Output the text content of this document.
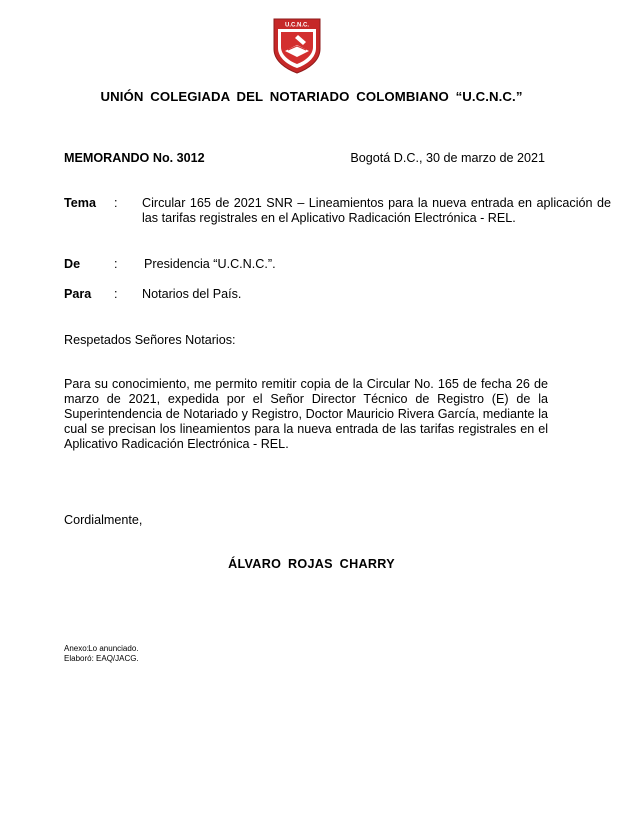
U.C.N.C.
UNIÓN COLEGIADA DEL NOTARIADO COLOMBIANO “U.C.N.C.”
MEMORANDO No. 3012	Bogotá D.C., 30 de marzo de 2021
Tema : Circular 165 de 2021 SNR – Lineamientos para la nueva entrada en aplicación de las tarifas registrales en el Aplicativo Radicación Electrónica - REL.
De	: Presidencia “U.C.N.C.”.
Para : Notarios del País.
Respetados Señores Notarios:
Para su conocimiento, me permito remitir copia de la Circular No. 165 de fecha 26 de marzo de 2021, expedida por el Señor Director Técnico de Registro (E) de la Superintendencia de Notariado y Registro, Doctor Mauricio Rivera García, mediante la cual se precisan los lineamientos para la nueva entrada de las tarifas registrales en el Aplicativo Radicación Electrónica - REL.
Cordialmente,
ÁLVARO ROJAS CHARRY
Anexo: Lo anunciado.
Elaboró: EAQ/JACG.
